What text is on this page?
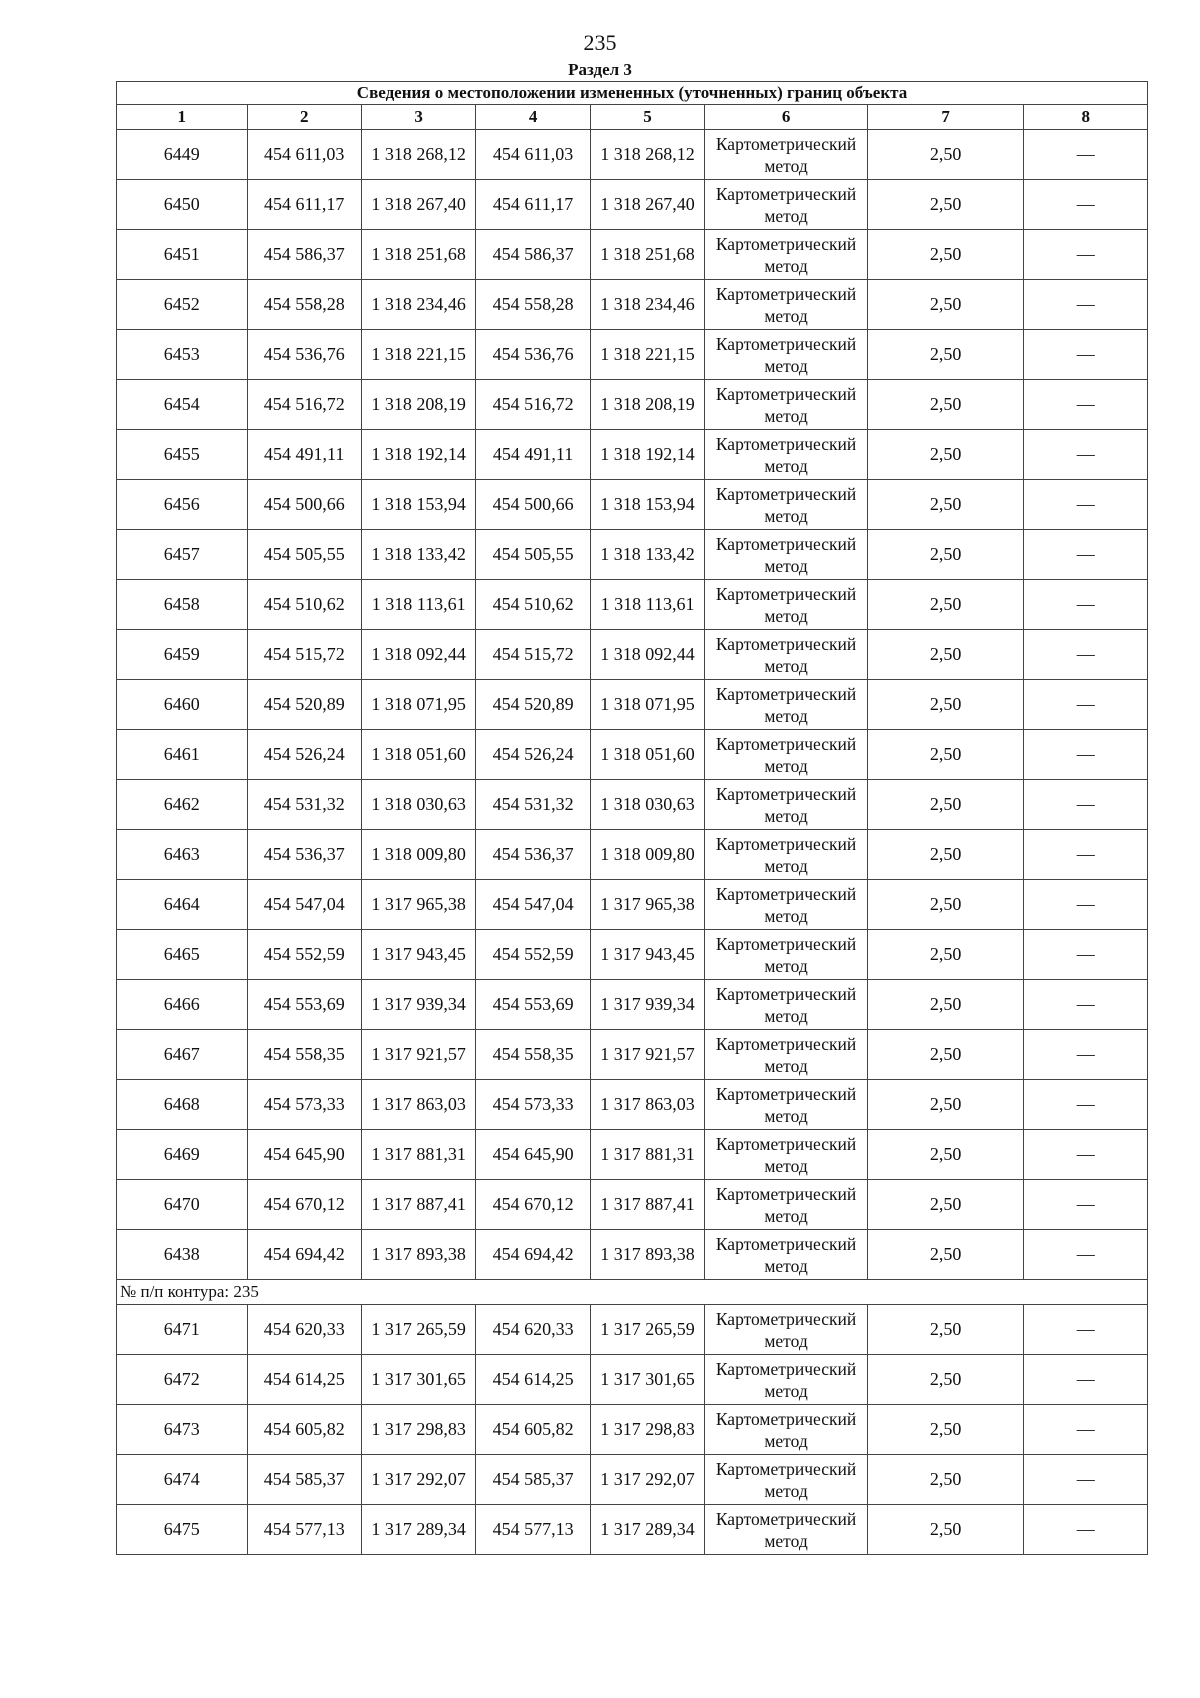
235
Раздел 3
Сведения о местоположении измененных (уточненных) границ объекта							
1	2	3	4	5	6	7	8
6449	454 611,03	1 318 268,12	454 611,03	1 318 268,12	Картометрический метод	2,50	—
6450	454 611,17	1 318 267,40	454 611,17	1 318 267,40	Картометрический метод	2,50	—
6451	454 586,37	1 318 251,68	454 586,37	1 318 251,68	Картометрический метод	2,50	—
6452	454 558,28	1 318 234,46	454 558,28	1 318 234,46	Картометрический метод	2,50	—
6453	454 536,76	1 318 221,15	454 536,76	1 318 221,15	Картометрический метод	2,50	—
6454	454 516,72	1 318 208,19	454 516,72	1 318 208,19	Картометрический метод	2,50	—
6455	454 491,11	1 318 192,14	454 491,11	1 318 192,14	Картометрический метод	2,50	—
6456	454 500,66	1 318 153,94	454 500,66	1 318 153,94	Картометрический метод	2,50	—
6457	454 505,55	1 318 133,42	454 505,55	1 318 133,42	Картометрический метод	2,50	—
6458	454 510,62	1 318 113,61	454 510,62	1 318 113,61	Картометрический метод	2,50	—
6459	454 515,72	1 318 092,44	454 515,72	1 318 092,44	Картометрический метод	2,50	—
6460	454 520,89	1 318 071,95	454 520,89	1 318 071,95	Картометрический метод	2,50	—
6461	454 526,24	1 318 051,60	454 526,24	1 318 051,60	Картометрический метод	2,50	—
6462	454 531,32	1 318 030,63	454 531,32	1 318 030,63	Картометрический метод	2,50	—
6463	454 536,37	1 318 009,80	454 536,37	1 318 009,80	Картометрический метод	2,50	—
6464	454 547,04	1 317 965,38	454 547,04	1 317 965,38	Картометрический метод	2,50	—
6465	454 552,59	1 317 943,45	454 552,59	1 317 943,45	Картометрический метод	2,50	—
6466	454 553,69	1 317 939,34	454 553,69	1 317 939,34	Картометрический метод	2,50	—
6467	454 558,35	1 317 921,57	454 558,35	1 317 921,57	Картометрический метод	2,50	—
6468	454 573,33	1 317 863,03	454 573,33	1 317 863,03	Картометрический метод	2,50	—
6469	454 645,90	1 317 881,31	454 645,90	1 317 881,31	Картометрический метод	2,50	—
6470	454 670,12	1 317 887,41	454 670,12	1 317 887,41	Картометрический метод	2,50	—
6438	454 694,42	1 317 893,38	454 694,42	1 317 893,38	Картометрический метод	2,50	—
№ п/п контура: 235							
6471	454 620,33	1 317 265,59	454 620,33	1 317 265,59	Картометрический метод	2,50	—
6472	454 614,25	1 317 301,65	454 614,25	1 317 301,65	Картометрический метод	2,50	—
6473	454 605,82	1 317 298,83	454 605,82	1 317 298,83	Картометрический метод	2,50	—
6474	454 585,37	1 317 292,07	454 585,37	1 317 292,07	Картометрический метод	2,50	—
6475	454 577,13	1 317 289,34	454 577,13	1 317 289,34	Картометрический метод	2,50	—
